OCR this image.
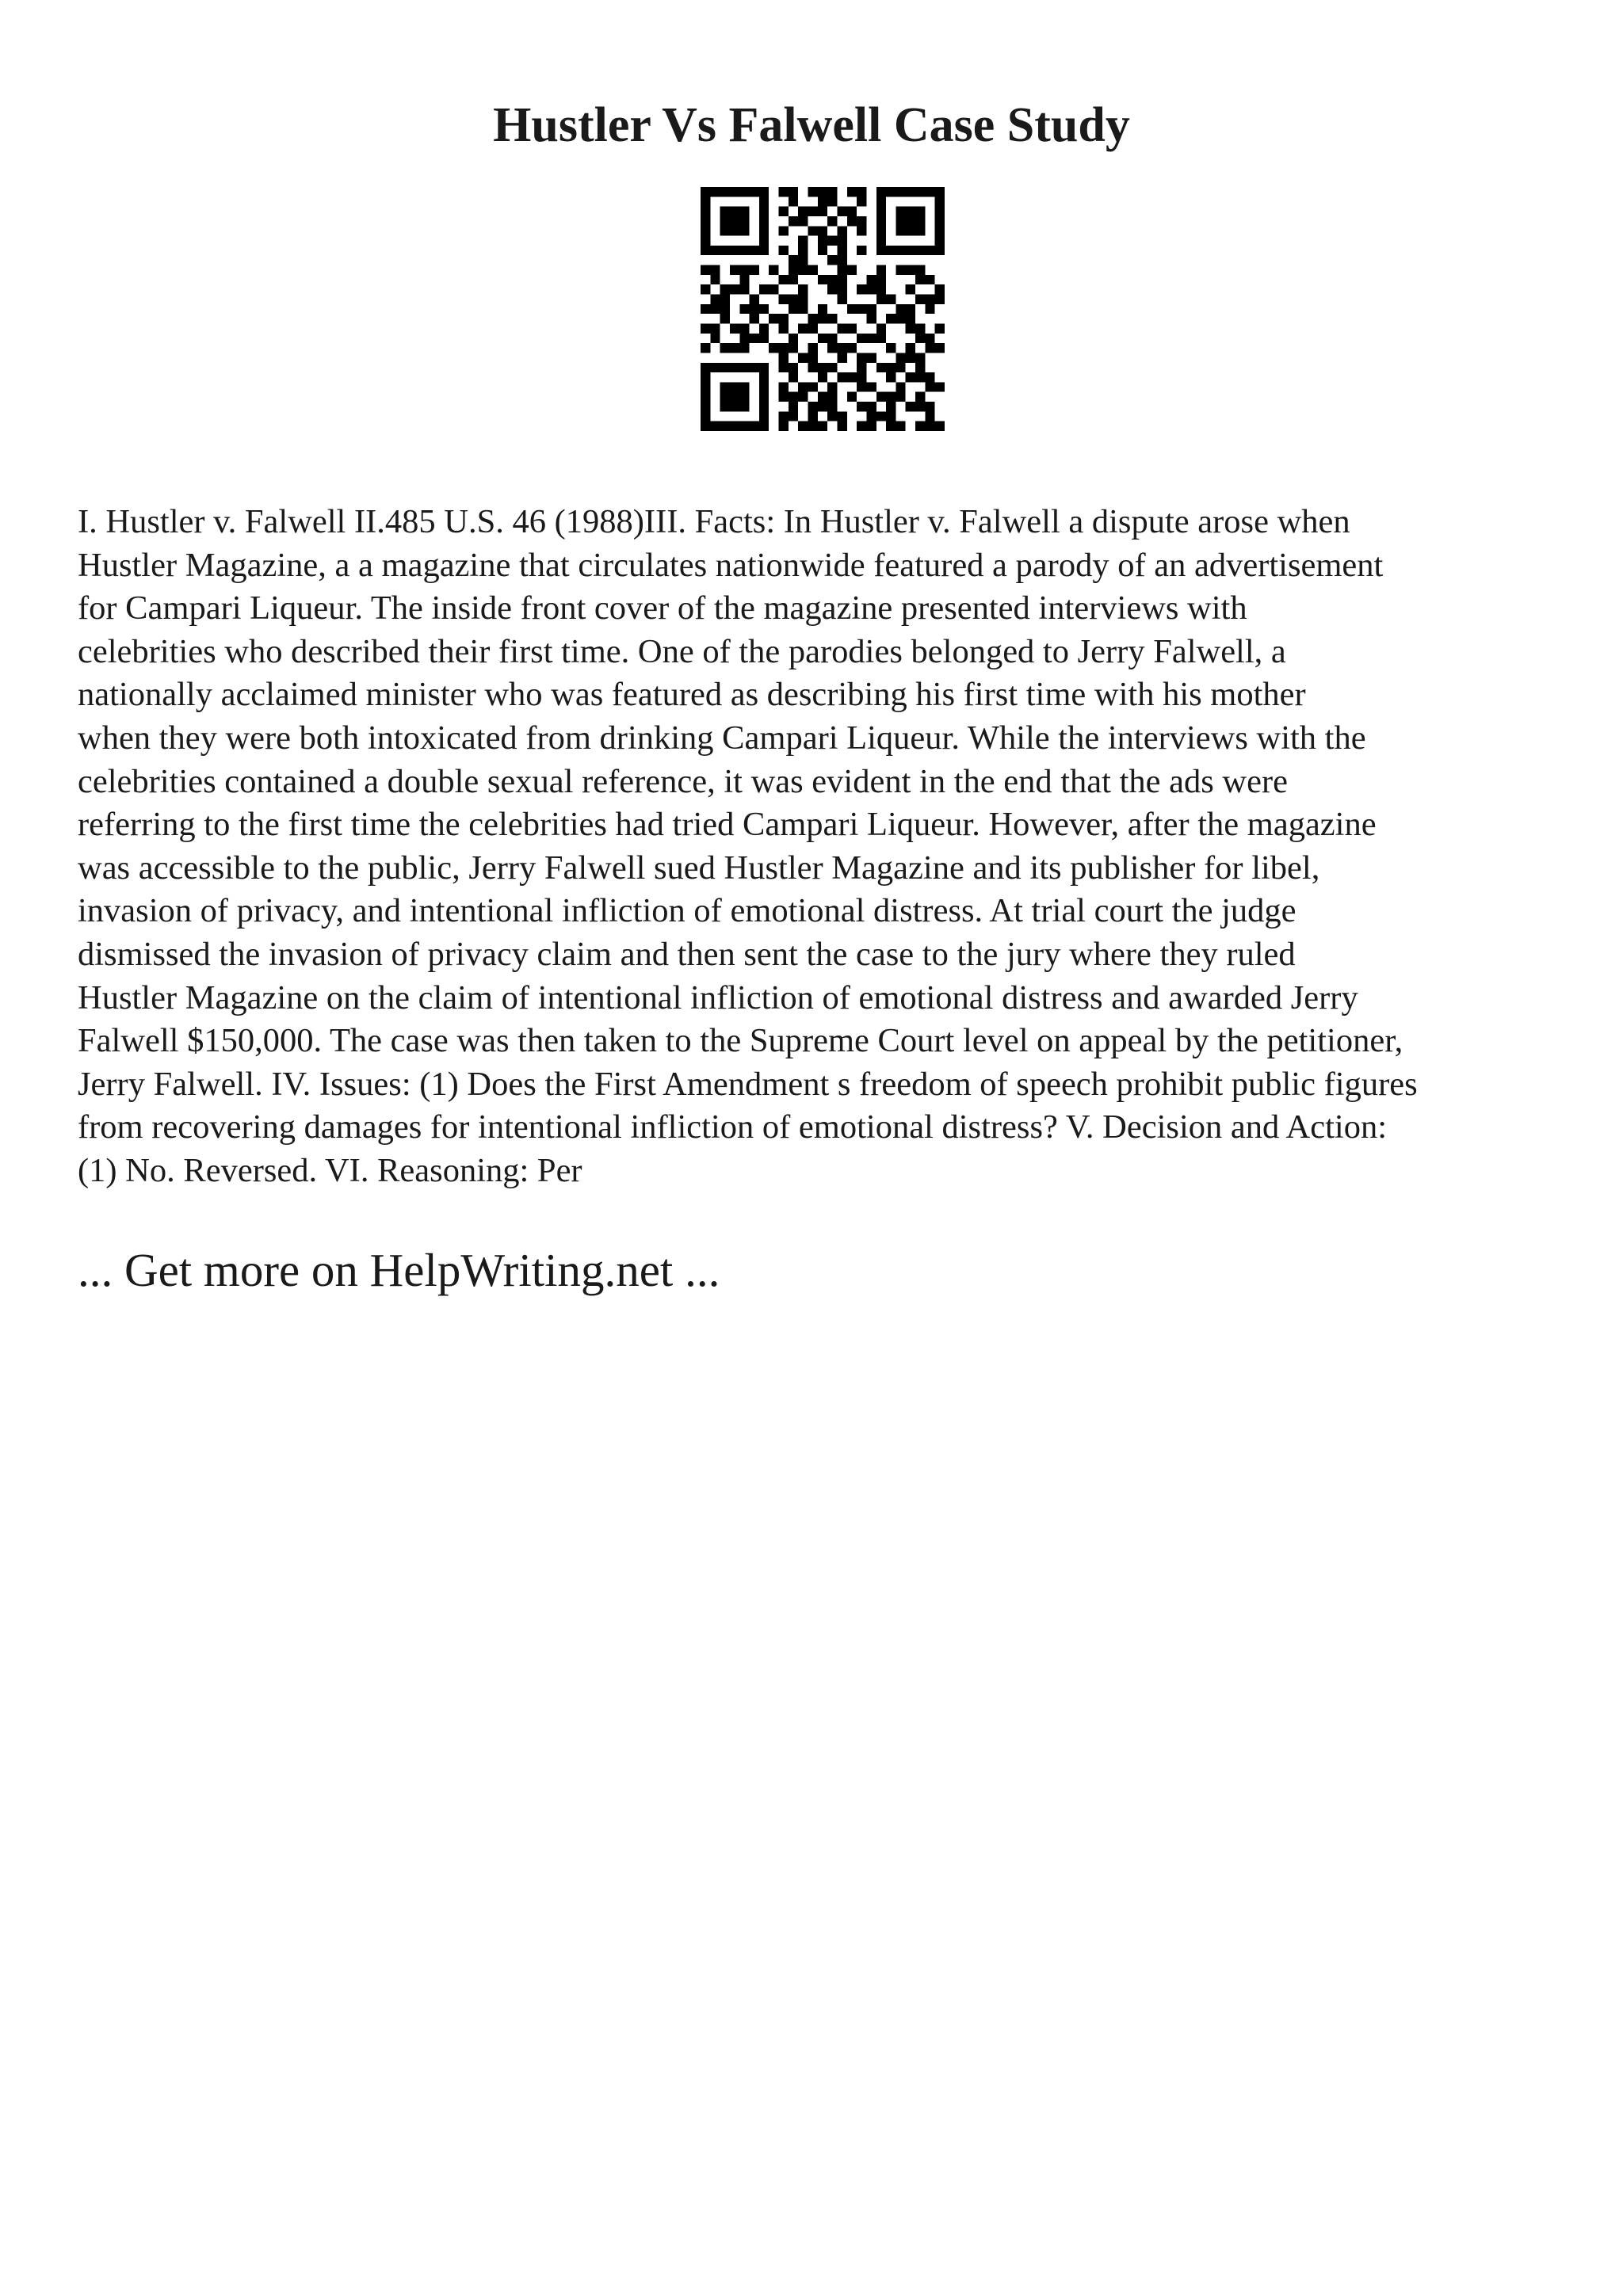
Hustler Vs Falwell Case Study

I. Hustler v. Falwell II.485 U.S. 46 (1988)III. Facts: In Hustler v. Falwell a dispute arose when
Hustler Magazine, a a magazine that circulates nationwide featured a parody of an advertisement
for Campari Liqueur. The inside front cover of the magazine presented interviews with
celebrities who described their first time. One of the parodies belonged to Jerry Falwell, a
nationally acclaimed minister who was featured as describing his first time with his mother
when they were both intoxicated from drinking Campari Liqueur. While the interviews with the
celebrities contained a double sexual reference, it was evident in the end that the ads were
referring to the first time the celebrities had tried Campari Liqueur. However, after the magazine
was accessible to the public, Jerry Falwell sued Hustler Magazine and its publisher for libel,
invasion of privacy, and intentional infliction of emotional distress. At trial court the judge
dismissed the invasion of privacy claim and then sent the case to the jury where they ruled
Hustler Magazine on the claim of intentional infliction of emotional distress and awarded Jerry
Falwell $150,000. The case was then taken to the Supreme Court level on appeal by the petitioner,
Jerry Falwell. IV. Issues: (1) Does the First Amendment s freedom of speech prohibit public figures
from recovering damages for intentional infliction of emotional distress? V. Decision and Action:
(1) No. Reversed. VI. Reasoning: Per

... Get more on HelpWriting.net ...
